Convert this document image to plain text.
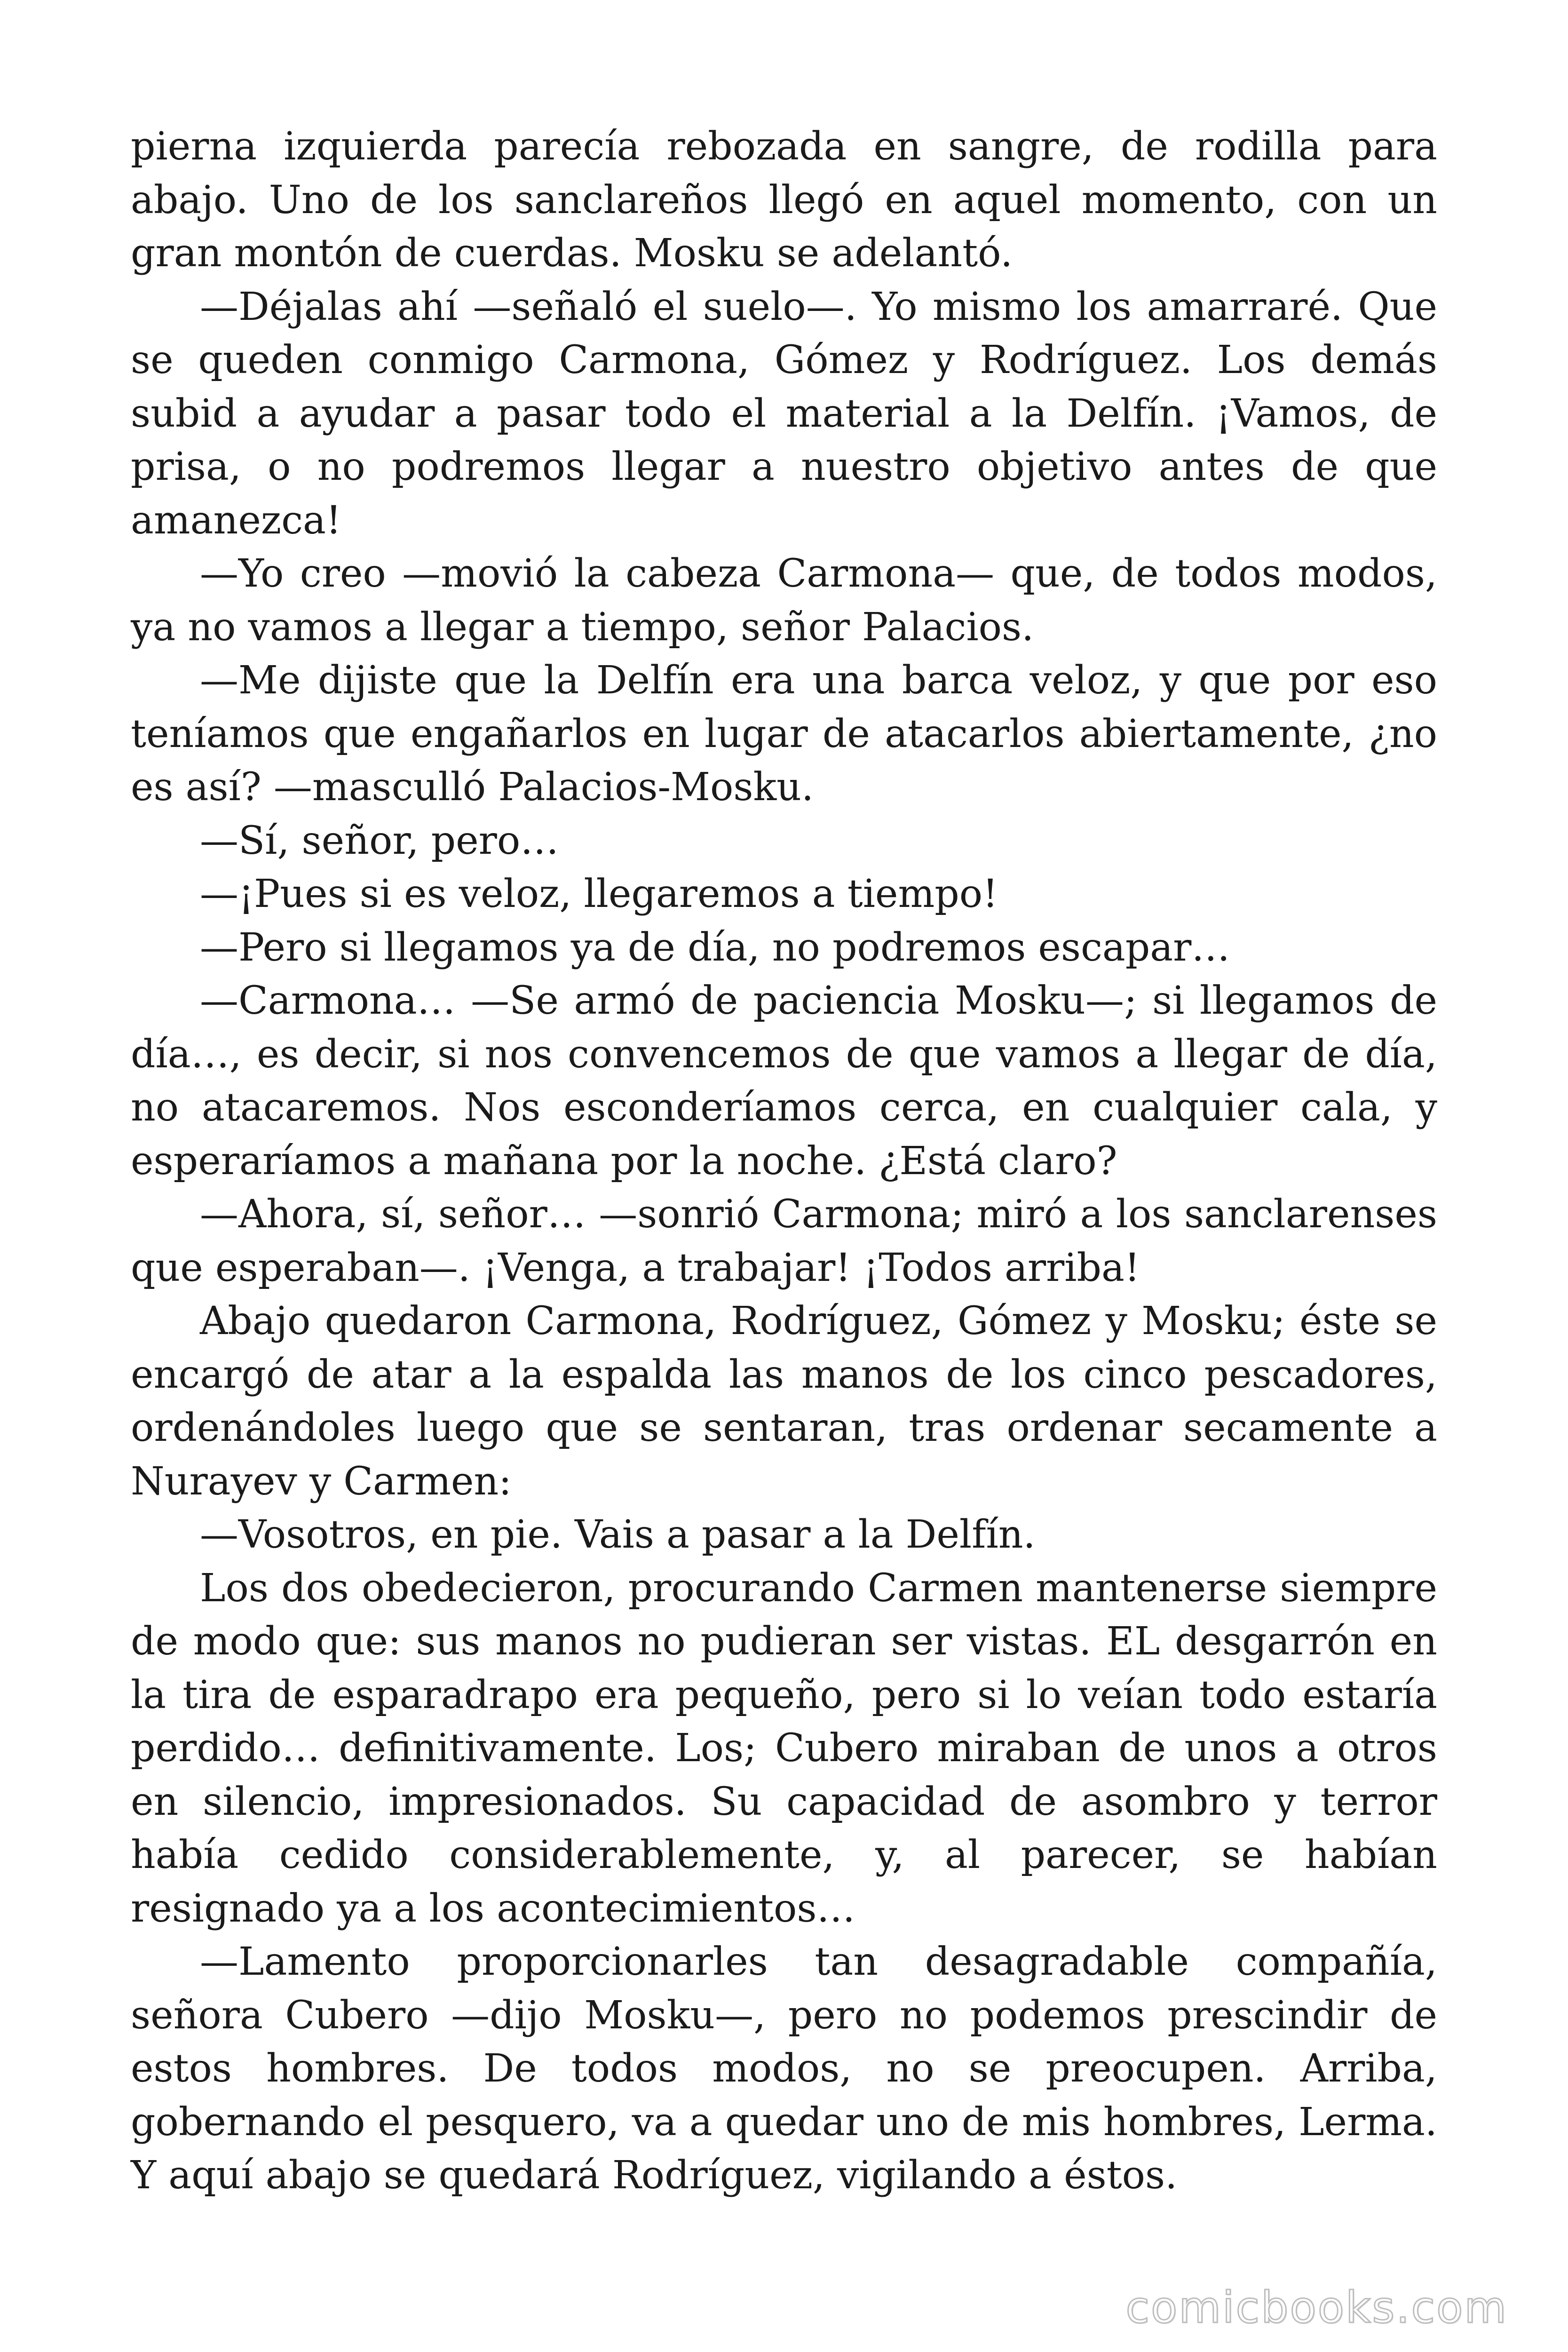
pierna izquierda parecía rebozada en sangre, de rodilla para abajo. Uno de los sanclareños llegó en aquel momento, con un gran montón de cuerdas. Mosku se adelantó.

—Déjalas ahí —señaló el suelo—. Yo mismo los amarraré. Que se queden conmigo Carmona, Gómez y Rodríguez. Los demás subid a ayudar a pasar todo el material a la Delfín. ¡Vamos, de prisa, o no podremos llegar a nuestro objetivo antes de que amanezca!

—Yo creo —movió la cabeza Carmona— que, de todos modos, ya no vamos a llegar a tiempo, señor Palacios.

—Me dijiste que la Delfín era una barca veloz, y que por eso teníamos que engañarlos en lugar de atacarlos abiertamente, ¿no es así? —masculló Palacios-Mosku.

—Sí, señor, pero…

—¡Pues si es veloz, llegaremos a tiempo!

—Pero si llegamos ya de día, no podremos escapar…

—Carmona… —Se armó de paciencia Mosku—; si llegamos de día…, es decir, si nos convencemos de que vamos a llegar de día, no atacaremos. Nos esconderíamos cerca, en cualquier cala, y esperaríamos a mañana por la noche. ¿Está claro?

—Ahora, sí, señor… —sonrió Carmona; miró a los sanclarenses que esperaban—. ¡Venga, a trabajar! ¡Todos arriba!

Abajo quedaron Carmona, Rodríguez, Gómez y Mosku; éste se encargó de atar a la espalda las manos de los cinco pescadores, ordenándoles luego que se sentaran, tras ordenar secamente a Nurayev y Carmen:

—Vosotros, en pie. Vais a pasar a la Delfín.

Los dos obedecieron, procurando Carmen mantenerse siempre de modo que: sus manos no pudieran ser vistas. EL desgarrón en la tira de esparadrapo era pequeño, pero si lo veían todo estaría perdido… definitivamente. Los; Cubero miraban de unos a otros en silencio, impresionados. Su capacidad de asombro y terror había cedido considerablemente, y, al parecer, se habían resignado ya a los acontecimientos…

—Lamento proporcionarles tan desagradable compañía, señora Cubero —dijo Mosku—, pero no podemos prescindir de estos hombres. De todos modos, no se preocupen. Arriba, gobernando el pesquero, va a quedar uno de mis hombres, Lerma. Y aquí abajo se quedará Rodríguez, vigilando a éstos.

comicbooks.com
